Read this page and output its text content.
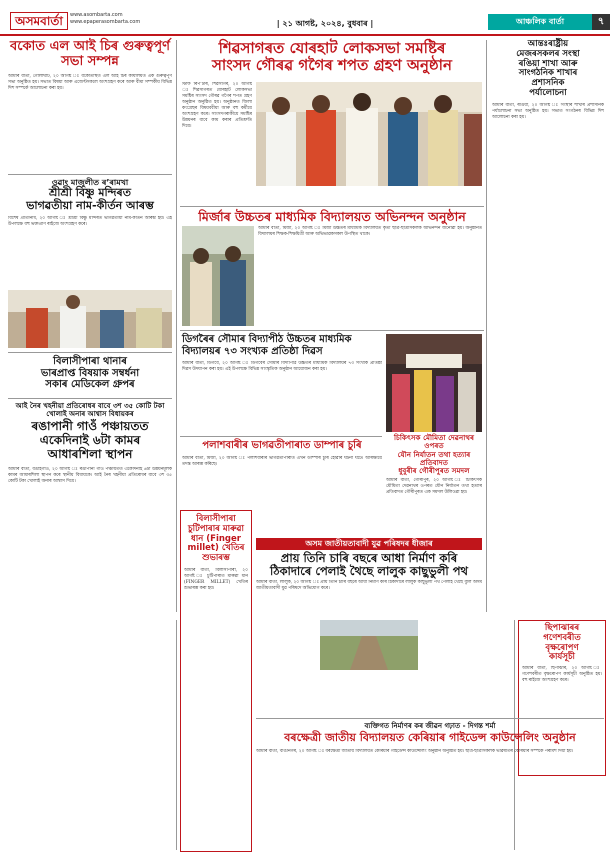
অসমবাৰ্তা	www.asombarta.com
www.epaperasombarta.com	| ২১ আগষ্ট, ২০২৪, বুধবাৰ |	আঞ্চলিক বাৰ্তা	৭
বকোত এল আই চিৰ গুৰুত্বপূৰ্ণ সভা সম্পন্ন
আমাৰ বাৰ্তা, গোলাঘাট, ২০ আগষ্ট ঃ বকোতস্থিত এল আই চিৰ কাৰ্যালয়ত এক গুৰুত্বপূৰ্ণ সভা অনুষ্ঠিত হয়। সভাত বিষয়া আৰু এজেণ্টসকলে অংশগ্ৰহণ কৰে আৰু বীমা সম্পৰ্কীয় বিভিন্ন দিশ সম্পৰ্কে আলোচনা কৰা হয়।
ওৱাং মাজুলীত ৰ’ৰামখা
শ্ৰীশ্ৰী বিষ্ণু মন্দিৰত
ভাগৱতীয়া নাম-কীৰ্তন আৰম্ভ
বিশেষ প্ৰতিনিধি, ২০ আগষ্ট ঃ শ্ৰীশ্ৰী বিষ্ণু মন্দিৰত ভাগৱতীয়া নাম-কীৰ্তন আৰম্ভ হয়। এই উপলক্ষে বহু ভক্তপ্ৰাণ ৰাইজে অংশগ্ৰহণ কৰে।
বিলাসীপাৰা থানাৰ
ভাৰপ্ৰাপ্ত বিষয়াক সম্বৰ্ধনা
সকাৰ মেডিকেল গ্ৰুপৰ
আই নৈৰ খহনীয়া প্ৰতিৰোধৰ বাবে ৩শ ৩৫ কোটি টকা খোলাই অনাৰ আশ্বাস বিধায়কৰ
ৰঙাপানী গাওঁ পঞ্চায়তত
একেদিনাই ৬টা কামৰ
আধাৰশিলা স্থাপন
আমাৰ বাৰ্তা, বঙাইগাঁও, ২০ আগষ্ট ঃ ৰঙাপানী গাওঁ পঞ্চায়তত একেদিনাই ৬টা উন্নয়নমূলক কামৰ আধাৰশিলা স্থাপন কৰে স্থানীয় বিধায়কে। আই নৈৰ খহনীয়া প্ৰতিৰোধৰ বাবে ৩শ ৩৫ কোটি টকা খোলাই অনাৰ আশ্বাস দিয়ে।
শিৱসাগৰত যোৰহাট লোকসভা সমষ্টিৰ
সাংসদ গৌৰৱ গগৈৰ শপত গ্ৰহণ অনুষ্ঠান
স্টাফ ৰিপ’ৰ্টাৰ, শিৱসাগৰ, ২০ আগষ্ট ঃ শিৱসাগৰত যোৰহাট লোকসভা সমষ্টিৰ সাংসদ গৌৰৱ গগৈৰ শপত গ্ৰহণ অনুষ্ঠান অনুষ্ঠিত হয়। অনুষ্ঠানত জিলা কংগ্ৰেছৰ বিষয়ববীয়া আৰু বহু কৰ্মীয়ে অংশগ্ৰহণ কৰে। সাংসদগৰাকীয়ে সমষ্টিৰ উন্নয়নৰ বাবে কাম কৰাৰ প্ৰতিশ্ৰুতি দিয়ে।
মিৰ্জাৰ উচ্চতৰ মাধ্যমিক বিদ্যালয়ত অভিনন্দন অনুষ্ঠান
আমাৰ বাৰ্তা, মিৰ্জা, ২০ আগষ্ট ঃ মিৰ্জা উচ্চতৰ মাধ্যমিক বিদ্যালয়ত কৃতী ছাত্ৰ-ছাত্ৰীসকলক অভিনন্দন জনোৱা হয়। অনুষ্ঠানত বিদ্যালয়ৰ শিক্ষক-শিক্ষয়িত্ৰী আৰু অভিভাৱকসকল উপস্থিত থাকে।
ডিগৰৈৰ সৌমাৰ বিদ্যাপীঠ উচ্চতৰ মাধ্যমিক
বিদ্যালয়ৰ ৭৩ সংখ্যক প্ৰতিষ্ঠা দিৱস
আমাৰ বাৰ্তা, ডিগবৈ, ২০ আগষ্ট ঃ ডিগবৈৰ সৌমাৰ বিদ্যাপীঠ উচ্চতৰ মাধ্যমিক বিদ্যালয়ৰ ৭৩ সংখ্যক প্ৰতিষ্ঠা দিৱস উদযাপন কৰা হয়। এই উপলক্ষে বিভিন্ন সাংস্কৃতিক অনুষ্ঠান আয়োজন কৰা হয়।
চিকিৎসক মৌমিতা দেৱনাথৰ ওপৰত
যৌন নিৰ্যাতন তথা হত্যাৰ প্ৰতিবাদত
ধুবুৰীৰ গৌৰীপুৰত সমদল
আমাৰ বাৰ্তা, গৌৰীপুৰ, ২০ আগষ্ট ঃ চিকিৎসক মৌমিতা দেৱনাথৰ ওপৰত যৌন নিৰ্যাতন তথা হত্যাৰ প্ৰতিবাদত গৌৰীপুৰত এক সমদল উলিওৱা হয়।
পলাশবাৰীৰ ভাগৱতীপাৰাত ডাম্পাৰ চুৰি
আমাৰ বাৰ্তা, মিৰ্জা, ২০ আগষ্ট ঃ পলাশবাৰীৰ ভাগৱতীপাৰাত এখন ডাম্পাৰ চুৰি হোৱাৰ ঘটনা ঘটে। আৰক্ষীয়ে তদন্ত আৰম্ভ কৰিছে।
আন্তঃৰাষ্ট্ৰীয়
মেজৰসকলৰ সংস্থা
ৰঙিয়া শাখা আৰু
সাংগঠনিক শাখাৰ
প্ৰশাসনিক
পৰ্যালোচনা
আমাৰ বাৰ্তা, ৰঙিয়া, ২০ আগষ্ট ঃ সংস্থাৰ শাখাৰ প্ৰশাসনিক পৰ্যালোচনা সভা অনুষ্ঠিত হয়। সভাত সংগঠনৰ বিভিন্ন দিশ আলোচনা কৰা হয়।
বিলাসীপাৰা
চুটিপাৰাৰ মাৰুৱা
ধান (Finger
millet) খেতিৰ
শুভাৰম্ভ
আমাৰ বাৰ্তা, বিলাসীপাৰা, ২০ আগষ্ট ঃ চুটিপাৰাত মাৰুৱা ধান (FINGER MILLET) খেতিৰ শুভাৰম্ভ কৰা হয়।
অসম জাতীয়তাবাদী যুৱ পৰিষদৰ ধীজাৰ
প্ৰায় তিনি চাৰি বছৰে আধা নিৰ্মাণ কৰি
ঠিকাদাৰে পেলাই থৈছে লালুক কাছুভুলী পথ
আমাৰ বাৰ্তা, লালুক, ২০ আগষ্ট ঃ প্ৰায় তিনি চাৰি বছৰে আধা নিৰ্মাণ কৰি ঠিকাদাৰে লালুক কাছুভুলী পথ পেলাই থৈছে বুলি অসম জাতীয়তাবাদী যুৱ পৰিষদে অভিযোগ কৰে।
ছিপাঝাৰৰ
গণেশবৰীত
বৃক্ষৰোপণ
কাৰ্যসূচী
আমাৰ বাৰ্তা, ছিপাঝাৰ, ২০ আগষ্ট ঃ গণেশবৰীত বৃক্ষৰোপণ কাৰ্যসূচী অনুষ্ঠিত হয়। বহু ৰাইজে অংশগ্ৰহণ কৰে।
ব্যক্তিগত নিৰ্মাণৰ কৰ জীৱন গঢ়াত - দিগন্ত শৰ্মা
বৰক্ষেত্ৰী জাতীয় বিদ্যালয়ত কেৰিয়াৰ গাইডেন্স কাউন্সেলিং অনুষ্ঠান
আমাৰ বাৰ্তা, বাঙীনগৰ, ২০ আগষ্ট ঃ বৰক্ষেত্ৰী জাতীয় বিদ্যালয়ত কেৰিয়াৰ গাইডেন্স কাউন্সেলিং অনুষ্ঠান অনুষ্ঠিত হয়। ছাত্ৰ-ছাত্ৰীসকলক ভৱিষ্যতৰ কেৰিয়াৰ সম্পৰ্কে পৰামৰ্শ দিয়া হয়।
